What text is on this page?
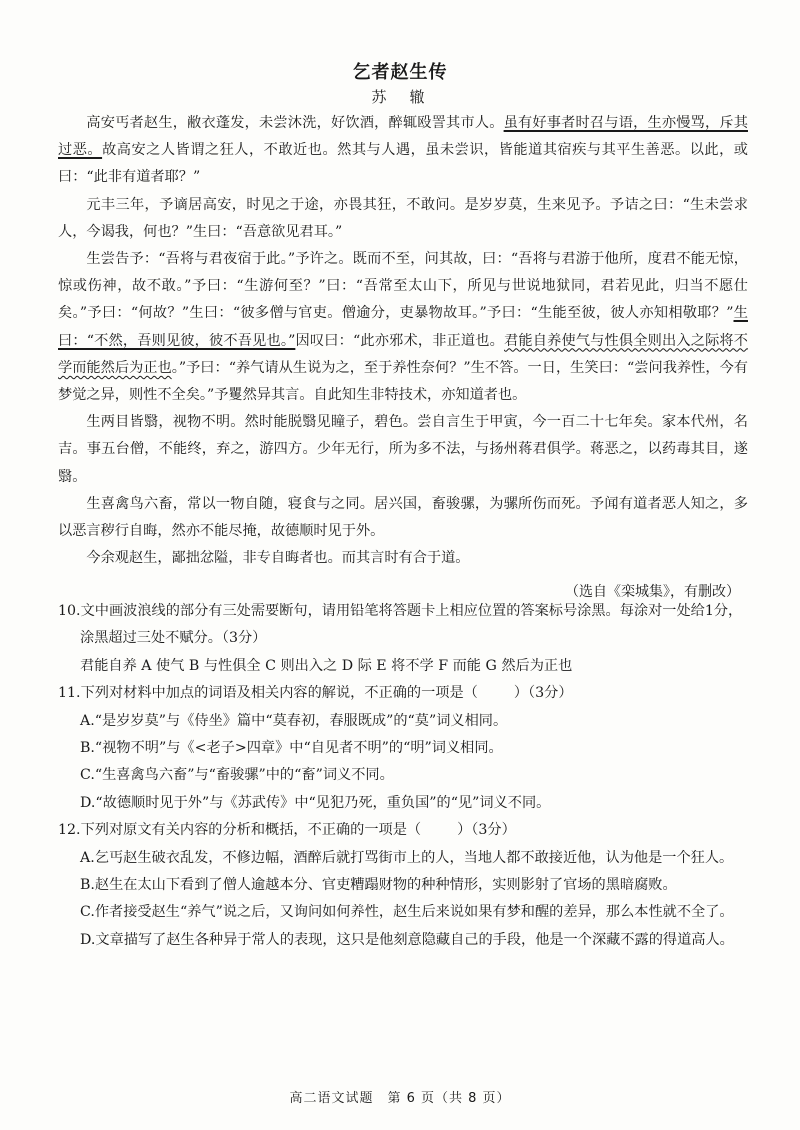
乞者赵生传
苏　辙

高安丐者赵生，敝衣蓬发，未尝沐洗，好饮酒，醉辄殴詈其市人。虽有好事者时召与语，生亦慢骂，斥其过恶。故高安之人皆谓之狂人，不敢近也。然其与人遇，虽未尝识，皆能道其宿疾与其平生善恶。以此，或曰：“此非有道者耶？”

元丰三年，予谪居高安，时见之于途，亦畏其狂，不敢问。是岁岁莫，生来见予。予诘之曰：“生未尝求人，今谒我，何也？”生曰：“吾意欲见君耳。”

生尝告予：“吾将与君夜宿于此。”予许之。既而不至，问其故，曰：“吾将与君游于他所，度君不能无惊，惊或伤神，故不敢。”予曰：“生游何至？”曰：“吾常至太山下，所见与世说地狱同，君若见此，归当不愿仕矣。”予曰：“何故？”生曰：“彼多僧与官吏。僧逾分，吏暴物故耳。”予曰：“生能至彼，彼人亦知相敬耶？”生曰：“不然，吾则见彼，彼不吾见也。”因叹曰：“此亦邪术，非正道也。君能自养使气与性俱全则出入之际将不学而能然后为正也。”予曰：“养气请从生说为之，至于养性奈何？”生不答。一日，生笑曰：“尝问我养性，今有梦觉之异，则性不全矣。”予矍然异其言。自此知生非特技术，亦知道者也。

生两目皆翳，视物不明。然时能脱翳见瞳子，碧色。尝自言生于甲寅，今一百二十七年矣。家本代州，名吉。事五台僧，不能终，弃之，游四方。少年无行，所为多不法，与扬州蒋君俱学。蒋恶之，以药毒其目，遂翳。

生喜禽鸟六畜，常以一物自随，寝食与之同。居兴国，畜骏骡，为骡所伤而死。予闻有道者恶人知之，多以恶言秽行自晦，然亦不能尽掩，故德顺时见于外。

今余观赵生，鄙拙忿隘，非专自晦者也。而其言时有合于道。

（选自《栾城集》，有删改）

10.文中画波浪线的部分有三处需要断句，请用铅笔将答题卡上相应位置的答案标号涂黑。每涂对一处给1分，涂黑超过三处不赋分。（3分）

君能自养 A 使气 B 与性俱全 C 则出入之 D 际 E 将不学 F 而能 G 然后为正也

11.下列对材料中加点的词语及相关内容的解说，不正确的一项是（	）（3分）

A.“是岁岁莫”与《侍坐》篇中“莫春初，春服既成”的“莫”词义相同。

B.“视物不明”与《<老子>四章》中“自见者不明”的“明”词义相同。

C.“生喜禽鸟六畜”与“畜骏骡”中的“畜”词义不同。

D.“故德顺时见于外”与《苏武传》中“见犯乃死，重负国”的“见”词义不同。

12.下列对原文有关内容的分析和概括，不正确的一项是（	）（3分）

A.乞丐赵生破衣乱发，不修边幅，酒醉后就打骂街市上的人，当地人都不敢接近他，认为他是一个狂人。

B.赵生在太山下看到了僧人逾越本分、官吏糟蹋财物的种种情形，实则影射了官场的黑暗腐败。

C.作者接受赵生“养气”说之后，又询问如何养性，赵生后来说如果有梦和醒的差异，那么本性就不全了。

D.文章描写了赵生各种异于常人的表现，这只是他刻意隐藏自己的手段，他是一个深藏不露的得道高人。

高二语文试题　第 6 页（共 8 页）
